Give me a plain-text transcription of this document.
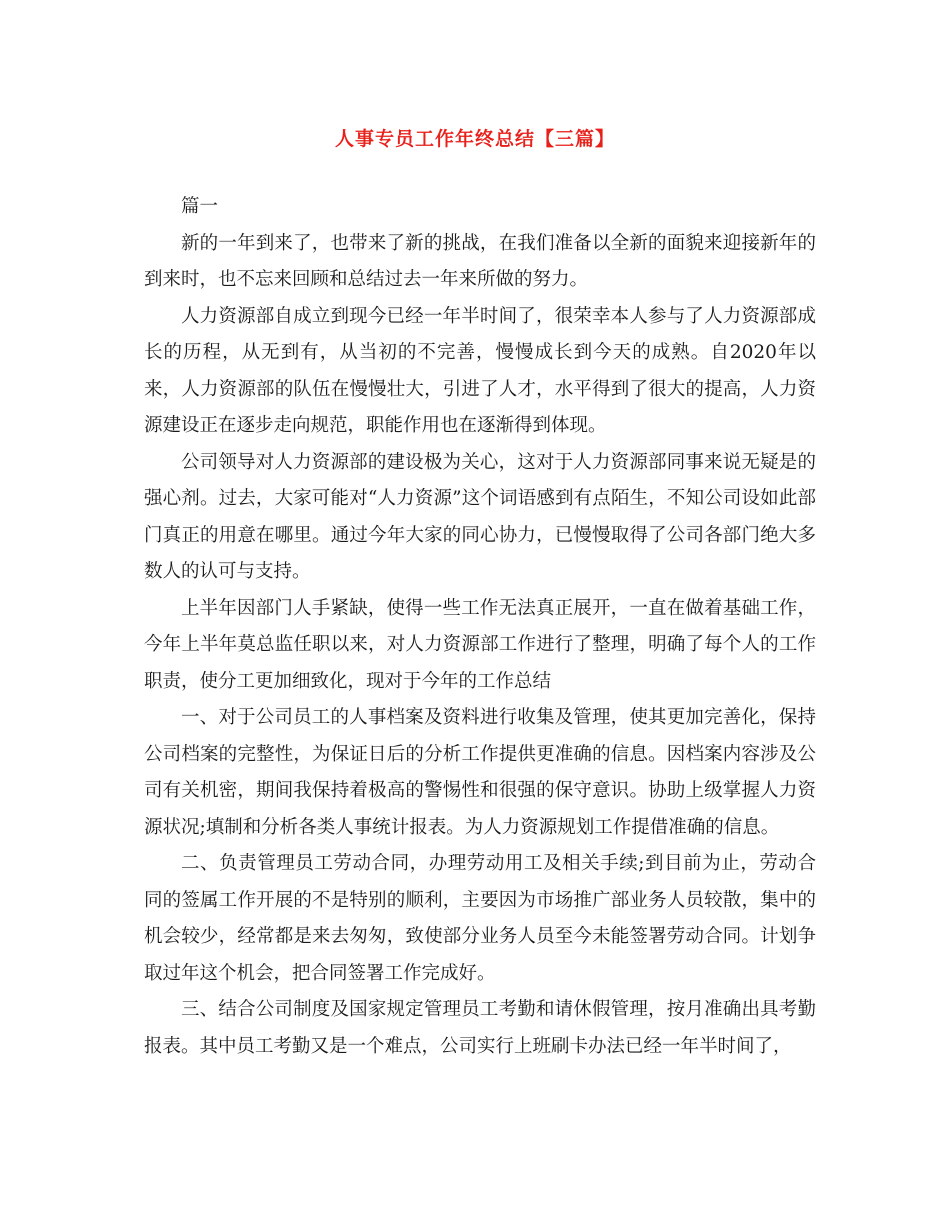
人事专员工作年终总结【三篇】

篇一

新的一年到来了，也带来了新的挑战，在我们准备以全新的面貌来迎接新年的到来时，也不忘来回顾和总结过去一年来所做的努力。

人力资源部自成立到现今已经一年半时间了，很荣幸本人参与了人力资源部成长的历程，从无到有，从当初的不完善，慢慢成长到今天的成熟。自2020年以来，人力资源部的队伍在慢慢壮大，引进了人才，水平得到了很大的提高，人力资源建设正在逐步走向规范，职能作用也在逐渐得到体现。

公司领导对人力资源部的建设极为关心，这对于人力资源部同事来说无疑是的强心剂。过去，大家可能对“人力资源”这个词语感到有点陌生，不知公司设如此部门真正的用意在哪里。通过今年大家的同心协力，已慢慢取得了公司各部门绝大多数人的认可与支持。

上半年因部门人手紧缺，使得一些工作无法真正展开，一直在做着基础工作，今年上半年莫总监任职以来，对人力资源部工作进行了整理，明确了每个人的工作职责，使分工更加细致化，现对于今年的工作总结

一、对于公司员工的人事档案及资料进行收集及管理，使其更加完善化，保持公司档案的完整性，为保证日后的分析工作提供更准确的信息。因档案内容涉及公司有关机密，期间我保持着极高的警惕性和很强的保守意识。协助上级掌握人力资源状况;填制和分析各类人事统计报表。为人力资源规划工作提借准确的信息。

二、负责管理员工劳动合同，办理劳动用工及相关手续;到目前为止，劳动合同的签属工作开展的不是特别的顺利，主要因为市场推广部业务人员较散，集中的机会较少，经常都是来去匆匆，致使部分业务人员至今未能签署劳动合同。计划争取过年这个机会，把合同签署工作完成好。

三、结合公司制度及国家规定管理员工考勤和请休假管理，按月准确出具考勤报表。其中员工考勤又是一个难点，公司实行上班刷卡办法已经一年半时间了，
